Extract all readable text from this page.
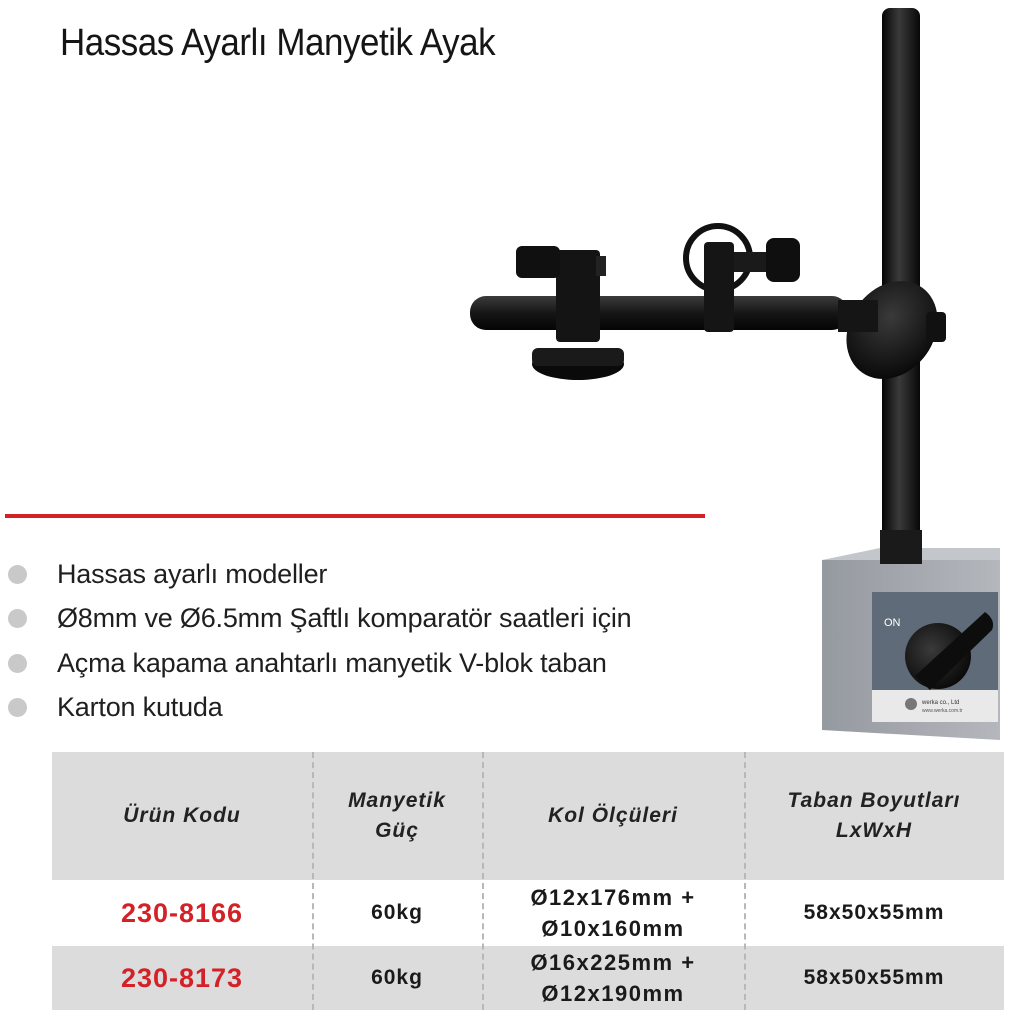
Hassas Ayarlı Manyetik Ayak
ON
werka co., Ltd
www.werka.com.tr
Hassas ayarlı modeller
Ø8mm ve Ø6.5mm Şaftlı komparatör saatleri için
Açma kapama anahtarlı manyetik V-blok taban
Karton kutuda
Ürün Kodu
Manyetik
Güç
Kol Ölçüleri
Taban Boyutları
LxWxH
230-8166	60kg
Ø12x176mm +
Ø10x160mm
58x50x55mm
230-8173	60kg
Ø16x225mm +
Ø12x190mm
58x50x55mm
